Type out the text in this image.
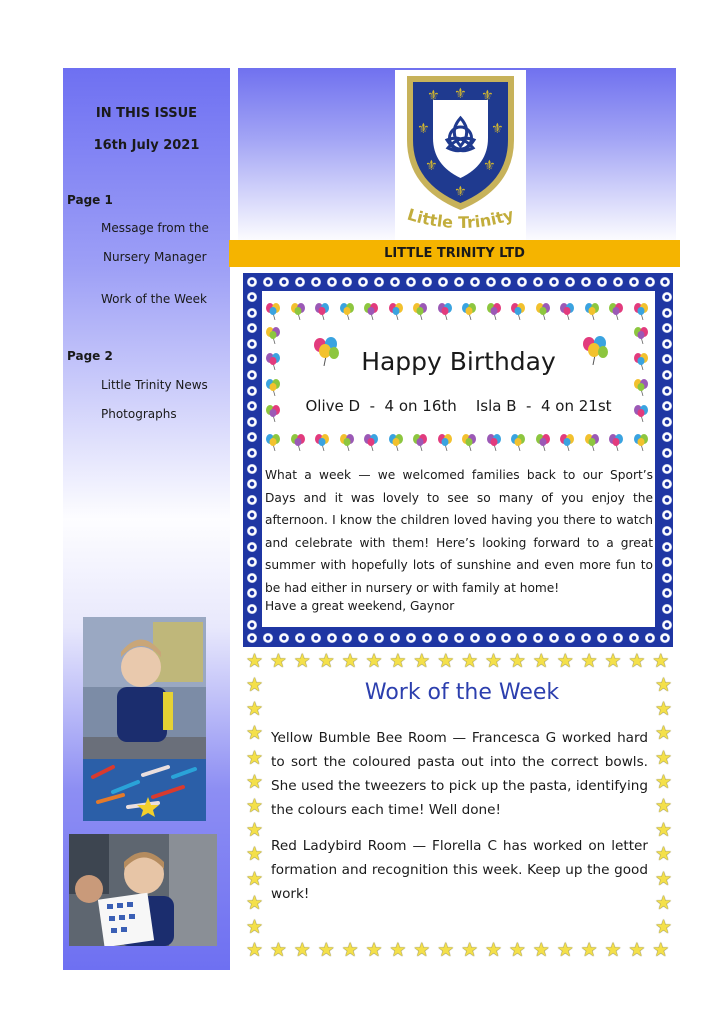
IN THIS ISSUE
16th July 2021
Page 1
Message from the
Nursery Manager
Work of the Week
Page 2
Little Trinity News
Photographs
⚜ ⚜ ⚜
⚜	⚜
⚜	⚜
⚜
Little Trinity
LITTLE TRINITY LTD
Happy Birthday
Olive D  -  4 on 16th    Isla B  -  4 on 21st
What a week — we welcomed families back to our Sport’s Days and it was lovely to see so many of you enjoy the afternoon. I know the children loved having you there to watch and celebrate with them! Here’s looking forward to a great summer with hopefully lots of sunshine and even more fun to be had either in nursery or with family at home!
Have a great weekend, Gaynor
★
★
★
★
★
★
★
★
★
★
★
★
★
★
★
★
★
★
★
★
★
★
★
★
★
★
★
★
★
★
★
★
★
★
★
★
★	★
★	★
★	★
★	★
★	★
★	★
★	★
★	★
★	★
★	★
★	★
Work of the Week
Yellow Bumble Bee Room — Francesca G worked hard to sort the coloured pasta out into the correct bowls. She used the tweezers to pick up the pasta, identifying the colours each time! Well done!
Red Ladybird Room — Florella C has worked on letter formation and recognition this week. Keep up the good work!
